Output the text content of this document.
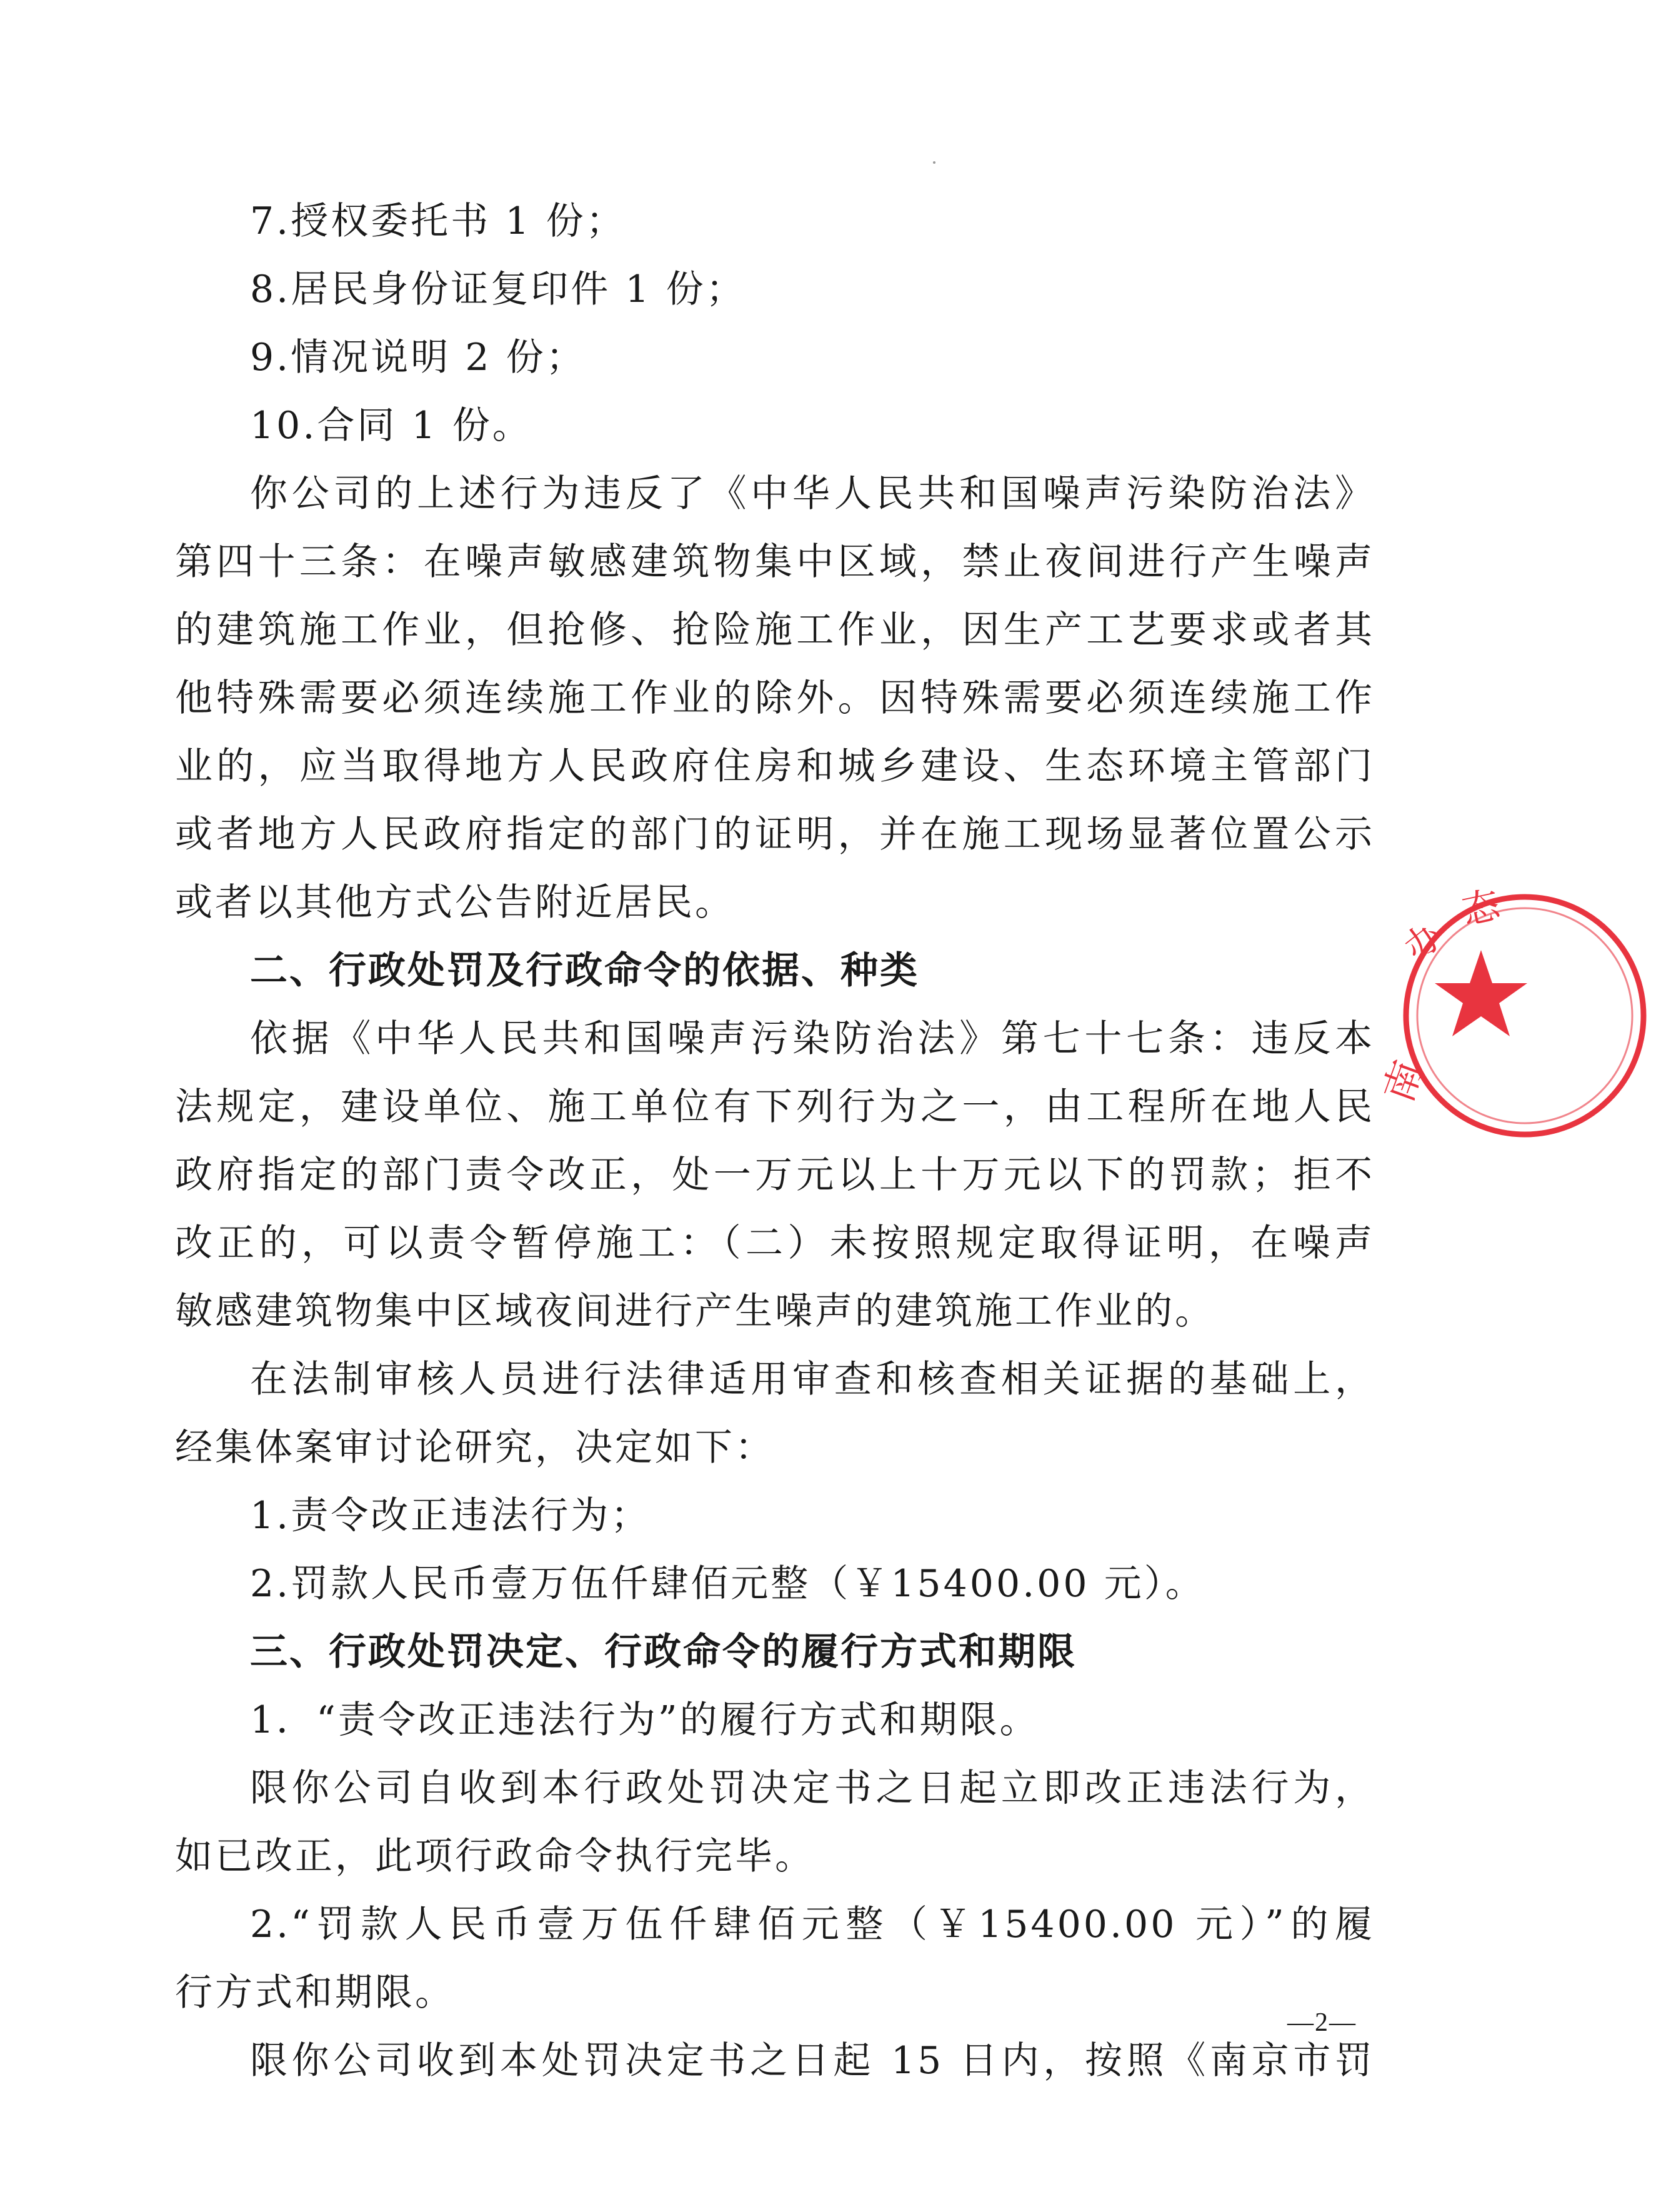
7.授权委托书 1 份；
8.居民身份证复印件 1 份；
9.情况说明 2 份；
10.合同 1 份。
你公司的上述行为违反了《中华人民共和国噪声污染防治法》
第四十三条：在噪声敏感建筑物集中区域，禁止夜间进行产生噪声
的建筑施工作业，但抢修、抢险施工作业，因生产工艺要求或者其
他特殊需要必须连续施工作业的除外。因特殊需要必须连续施工作
业的，应当取得地方人民政府住房和城乡建设、生态环境主管部门
或者地方人民政府指定的部门的证明，并在施工现场显著位置公示
或者以其他方式公告附近居民。
二、行政处罚及行政命令的依据、种类
依据《中华人民共和国噪声污染防治法》第七十七条：违反本
法规定，建设单位、施工单位有下列行为之一，由工程所在地人民
政府指定的部门责令改正，处一万元以上十万元以下的罚款；拒不
改正的，可以责令暂停施工：（二）未按照规定取得证明，在噪声
敏感建筑物集中区域夜间进行产生噪声的建筑施工作业的。
在法制审核人员进行法律适用审查和核查相关证据的基础上，
经集体案审讨论研究，决定如下：
1.责令改正违法行为；
2.罚款人民币壹万伍仟肆佰元整（￥15400.00 元）。
三、行政处罚决定、行政命令的履行方式和期限
1．“责令改正违法行为”的履行方式和期限。
限你公司自收到本行政处罚决定书之日起立即改正违法行为，
如已改正，此项行政命令执行完毕。
2.“罚款人民币壹万伍仟肆佰元整（￥15400.00 元）”的履
行方式和期限。
限你公司收到本处罚决定书之日起 15 日内，按照《南京市罚
办
态
南
—2—
